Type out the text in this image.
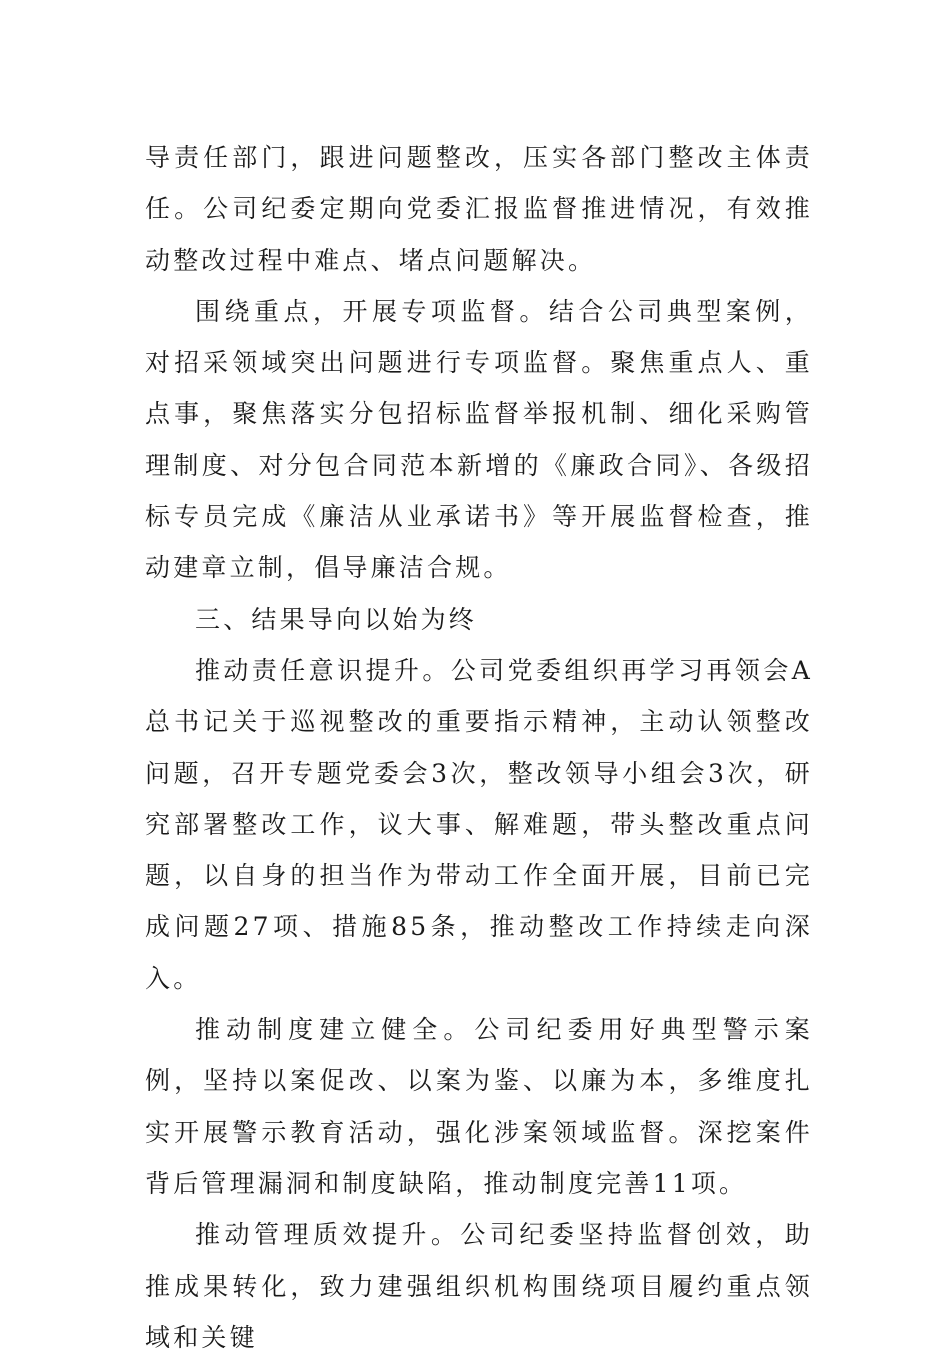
导责任部门，跟进问题整改，压实各部门整改主体责任。公司纪委定期向党委汇报监督推进情况，有效推动整改过程中难点、堵点问题解决。

围绕重点，开展专项监督。结合公司典型案例，对招采领域突出问题进行专项监督。聚焦重点人、重点事，聚焦落实分包招标监督举报机制、细化采购管理制度、对分包合同范本新增的《廉政合同》、各级招标专员完成《廉洁从业承诺书》等开展监督检查，推动建章立制，倡导廉洁合规。

三、结果导向以始为终

推动责任意识提升。公司党委组织再学习再领会A总书记关于巡视整改的重要指示精神，主动认领整改问题，召开专题党委会3次，整改领导小组会3次，研究部署整改工作，议大事、解难题，带头整改重点问题，以自身的担当作为带动工作全面开展，目前已完成问题27项、措施85条，推动整改工作持续走向深入。

推动制度建立健全。公司纪委用好典型警示案例，坚持以案促改、以案为鉴、以廉为本，多维度扎实开展警示教育活动，强化涉案领域监督。深挖案件背后管理漏洞和制度缺陷，推动制度完善11项。

推动管理质效提升。公司纪委坚持监督创效，助推成果转化，致力建强组织机构围绕项目履约重点领域和关键
